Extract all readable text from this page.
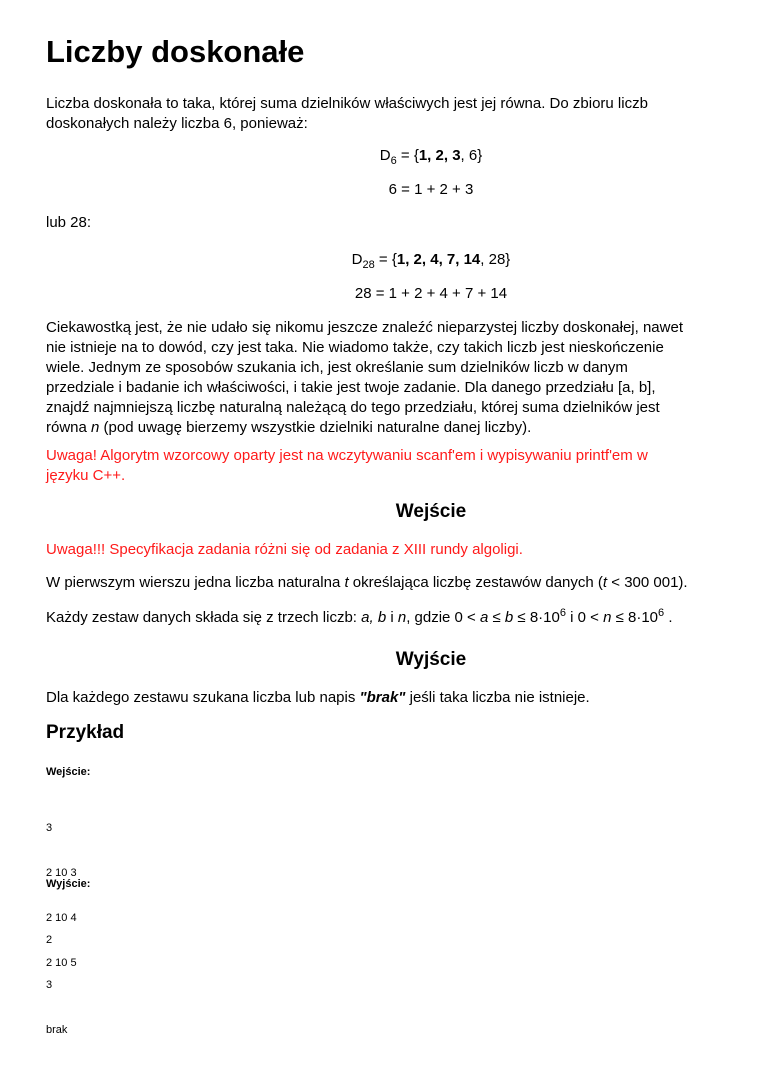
Liczby doskonałe
Liczba doskonała to taka, której suma dzielników właściwych jest jej równa. Do zbioru liczb
doskonałych należy liczba 6, ponieważ:
$D_6 = \{1$, 2, 3, 6}
6 = 1 + 2 + 3
lub 28:
$D_{28} = \{1$, 2, 4, 7, 14, 28}
28 = 1 + 2 + 4 + 7 + 14
Ciekawostką jest, że nie udało się nikomu jeszcze znaleźć nieparzystej liczby doskonałej, nawet
nie istnieje na to dowód, czy jest taka. Nie wiadomo także, czy takich liczb jest nieskończenie
wiele. Jednym ze sposobów szukania ich, jest określanie sum dzielników liczb w danym
przedziale i badanie ich właściwości, i takie jest twoje zadanie. Dla danego przedziału [a, b],
znajdź najmniejszą liczbę naturalną należącą do tego przedziału, której suma dzielników jest
równa n (pod uwagę bierzemy wszystkie dzielniki naturalne danej liczby).
Uwaga! Algorytm wzorcowy oparty jest na wczytywaniu scanf'em i wypisywaniu printf'em w
języku C++.
Wejście
Uwaga!!! Specyfikacja zadania różni się od zadania z XIII rundy algoligi.
W pierwszym wierszu jedna liczba naturalna t określająca liczbę zestawów danych (t < 300 001).
Każdy zestaw danych składa się z trzech liczb: a, b i n, gdzie $0 < a \le b \le 8\cdot 10^6$ i $0 < n \le 8\cdot 10^6$ .
Wyjście
Dla każdego zestawu szukana liczba lub napis "brak" jeśli taka liczba nie istnieje.
Przykład
Wejście:

3

2 10 3

2 10 4

2 10 5

Wyjście:

2

3

brak
